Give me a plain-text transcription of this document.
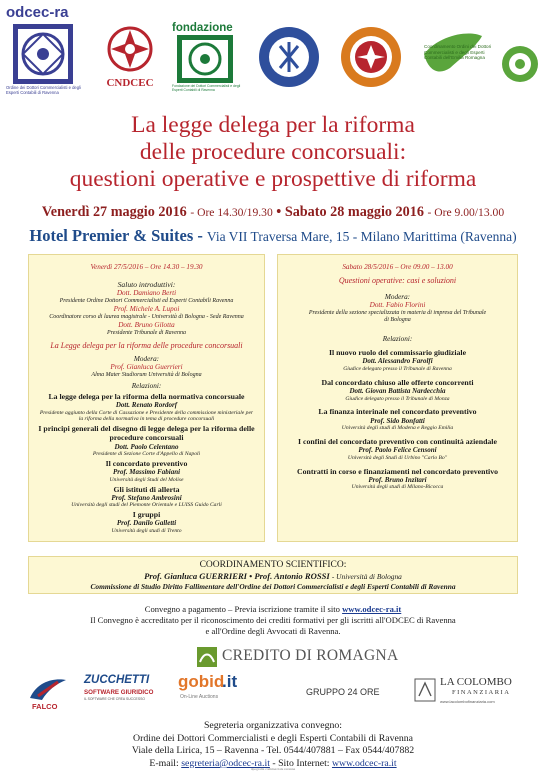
odcec-ra
Ordine dei Dottori Commercialisti e degli Esperti Contabili di Ravenna
CNDCEC
fondazione
Fondazione dei Dottori Commercialisti e degli Esperti Contabili di Ravenna
Coordinamento Ordini dei Dottori Commercialisti e degli Esperti Contabili dell'Emilia Romagna
La legge delega per la riforma
delle procedure concorsuali:
questioni operative e prospettive di riforma
Venerdì 27 maggio 2016 - Ore 14.30/19.30 • Sabato 28 maggio 2016 - Ore 9.00/13.00
Hotel Premier & Suites - Via VII Traversa Mare, 15 - Milano Marittima (Ravenna)

Venerdì 27/5/2016 – Ore 14.30 – 19.30

Saluto introduttivi:

Dott. Damiano Berti

Presidente Ordine Dottori Commercialisti ed Esperti Contabili Ravenna

Prof. Michele A. Lupoi

Coordinatore corso di laurea magistrale - Università di Bologna - Sede Ravenna

Dott. Bruno Gilotta

Presidente Tribunale di Ravenna

La Legge delega per la riforma delle procedure concorsuali

Modera:

Prof. Gianluca Guerrieri

Alma Mater Studiorum Università di Bologna

Relazioni:

La legge delega per la riforma della normativa concorsuale

Dott. Renato Rordorf

Presidente aggiunto della Corte di Cassazione e Presidente della commissione ministeriale per la riforma della normativa in tema di procedure concorsuali

I principi generali del disegno di legge delega per la riforma delle procedure concorsuali

Dott. Paolo Celentano

Presidente di Sezione Corte d'Appello di Napoli

Il concordato preventivo

Prof. Massimo Fabiani

Università degli Studi del Molise

Gli istituti di allerta

Prof. Stefano Ambrosini

Università degli studi del Piemonte Orientale e LUISS Guido Carli

I gruppi

Prof. Danilo Galletti

Università degli studi di Trento

Sabato 28/5/2016 – Ore 09.00 – 13.00

Questioni operative: casi e soluzioni

Modera:

Dott. Fabio Florini

Presidente della sezione specializzata in materia di impresa del Tribunale di Bologna

Relazioni:

Il nuovo ruolo del commissario giudiziale

Dott. Alessandro Farolfi

Giudice delegato presso il Tribunale di Ravenna

Dal concordato chiuso alle offerte concorrenti

Dott. Giovan Battista Nardecchia

Giudice delegato presso il Tribunale di Monza

La finanza interinale nel concordato preventivo

Prof. Sido Bonfatti

Università degli studi di Modena e Reggio Emilia

I confini del concordato preventivo con continuità aziendale

Prof. Paolo Felice Censoni

Università degli Studi di Urbino "Carlo Bo"

Contratti in corso e finanziamenti nel concordato preventivo

Prof. Bruno Inzitari

Università degli studi di Milano-Bicocca

COORDINAMENTO SCIENTIFICO:

Prof. Gianluca GUERRIERI • Prof. Antonio ROSSI - Università di Bologna

Commissione di Studio Diritto Fallimentare dell'Ordine dei Dottori Commercialisti e degli Esperti Contabili di Ravenna

Convegno a pagamento – Previa iscrizione tramite il sito www.odcec-ra.it
Il Convegno è accreditato per il riconoscimento dei crediti formativi per gli iscritti all'ODCEC di Ravenna
e all'Ordine degli Avvocati di Ravenna.
CREDITO DI ROMAGNA
FALCO
ZUCCHETTI
SOFTWARE GIURIDICO
IL SOFTWARE CHE CREA SUCCESSO
gobid
.it
On-Line Auctions	GRUPPO 24 ORE
LA COLOMBO
FINANZIARIA
www.lacolombofinanziaria.com
Segreteria organizzativa convegno:
Ordine dei Dottori Commercialisti e degli Esperti Contabili di Ravenna
Viale della Lirica, 15 – Ravenna - Tel. 0544/407881 – Fax 0544/407882
E-mail: segreteria@odcec-ra.it - Sito Internet: www.odcec-ra.it
tipografia commerciale ravenna
